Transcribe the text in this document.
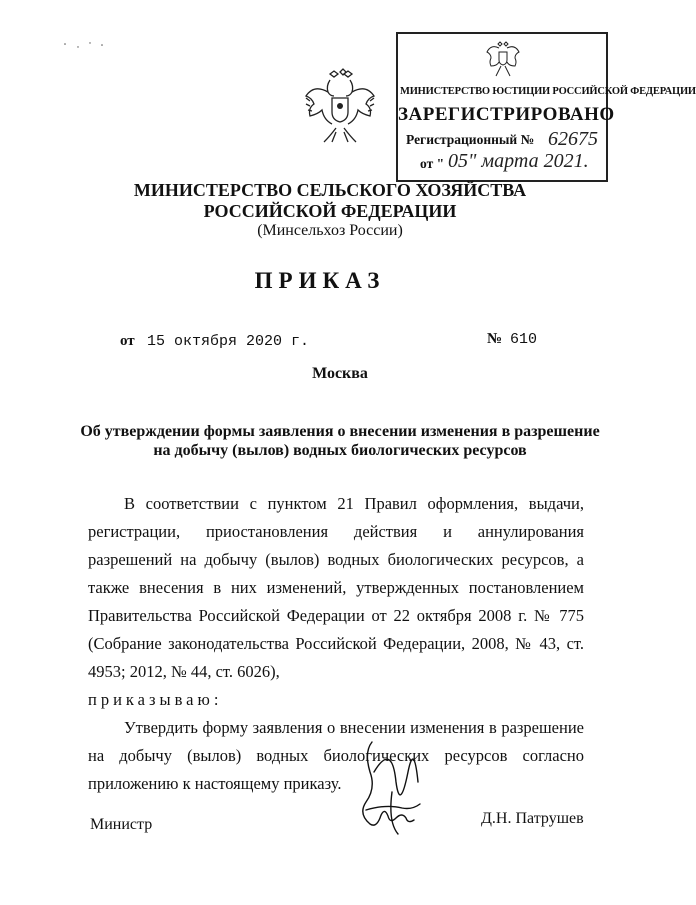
МИНИСТЕРСТВО ЮСТИЦИИ РОССИЙСКОЙ ФЕДЕРАЦИИ
ЗАРЕГИСТРИРОВАНО
Регистрационный № 62675
от " 05" марта 2021.
МИНИСТЕРСТВО СЕЛЬСКОГО ХОЗЯЙСТВА
РОССИЙСКОЙ ФЕДЕРАЦИИ
(Минсельхоз России)
ПРИКАЗ
от 15 октября 2020 г.	№ 610
Москва
Об утверждении формы заявления о внесении изменения в разрешение
на добычу (вылов) водных биологических ресурсов

В соответствии с пунктом 21 Правил оформления, выдачи, регистрации, приостановления действия и аннулирования разрешений на добычу (вылов) водных биологических ресурсов, а также внесения в них изменений, утвержденных постановлением Правительства Российской Федерации от 22 октября 2008 г. № 775 (Собрание законодательства Российской Федерации, 2008, № 43, ст. 4953; 2012, № 44, ст. 6026),

приказываю:

Утвердить форму заявления о внесении изменения в разрешение на добычу (вылов) водных биологических ресурсов согласно приложению к настоящему приказу.

Министр	Д.Н. Патрушев
